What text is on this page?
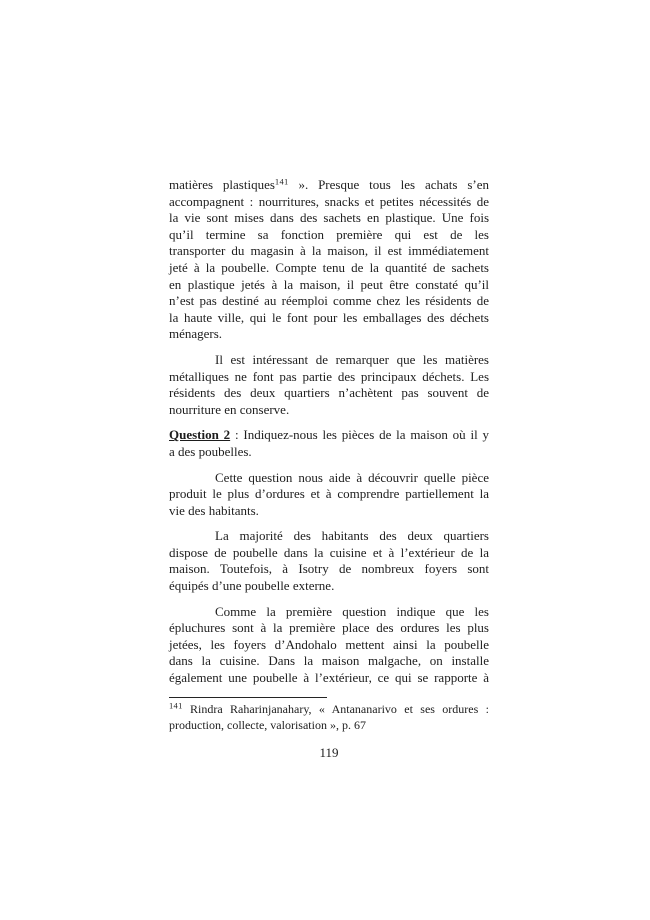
matières plastiques$^{141}$ ». Presque tous les achats s’en
accompagnent : nourritures, snacks et petites nécessités de
la vie sont mises dans des sachets en plastique. Une fois
qu’il termine sa fonction première qui est de les
transporter du magasin à la maison, il est immédiatement
jeté à la poubelle. Compte tenu de la quantité de sachets
en plastique jetés à la maison, il peut être constaté qu’il
n’est pas destiné au réemploi comme chez les résidents de
la haute ville, qui le font pour les emballages des déchets
ménagers.
Il est intéressant de remarquer que les matières
métalliques ne font pas partie des principaux déchets. Les
résidents des deux quartiers n’achètent pas souvent de
nourriture en conserve.
Question 2 : Indiquez-nous les pièces de la maison où il y
a des poubelles.
Cette question nous aide à découvrir quelle pièce
produit le plus d’ordures et à comprendre partiellement la
vie des habitants.
La majorité des habitants des deux quartiers
dispose de poubelle dans la cuisine et à l’extérieur de la
maison. Toutefois, à Isotry de nombreux foyers sont
équipés d’une poubelle externe.
Comme la première question indique que les
épluchures sont à la première place des ordures les plus
jetées, les foyers d’Andohalo mettent ainsi la poubelle
dans la cuisine. Dans la maison malgache, on installe
également une poubelle à l’extérieur, ce qui se rapporte à
$^{141}$ Rindra Raharinjanahary, « Antananarivo et ses ordures :
production, collecte, valorisation », p. 67
119
